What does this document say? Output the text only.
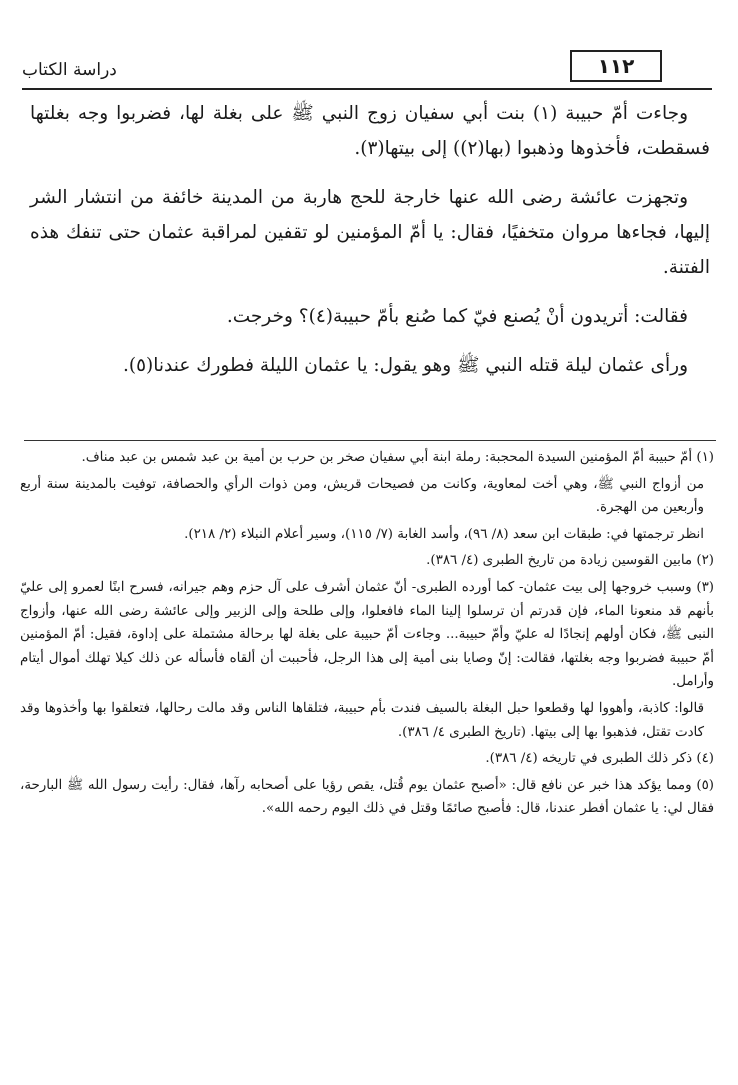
١١٢
دراسة الكتاب

وجاءت أمّ حبيبة (١) بنت أبي سفيان زوج النبي ﷺ على بغلة لها، فضربوا وجه بغلتها فسقطت، فأخذوها وذهبوا (بها(٢)) إلى بيتها(٣).

وتجهزت عائشة رضى الله عنها خارجة للحج هاربة من المدينة خائفة من انتشار الشر إليها، فجاءها مروان متخفيًا، فقال: يا أمّ المؤمنين لو تقفين لمراقبة عثمان حتى تنفك هذه الفتنة.

فقالت: أتريدون أنْ يُصنع فيّ كما صُنع بأمّ حبيبة(٤)؟ وخرجت.

ورأى عثمان ليلة قتله النبي ﷺ وهو يقول: يا عثمان الليلة فطورك عندنا(٥).

(١) أمّ حبيبة أمّ المؤمنين السيدة المحجبة: رملة ابنة أبي سفيان صخر بن حرب بن أمية بن عبد شمس بن عبد مناف.

من أزواج النبي ﷺ، وهي أخت لمعاوية، وكانت من فصيحات قريش، ومن ذوات الرأي والحصافة، توفيت بالمدينة سنة أربع وأربعين من الهجرة.

انظر ترجمتها في: طبقات ابن سعد (٨/ ٩٦)، وأسد الغابة (٧/ ١١٥)، وسير أعلام النبلاء (٢/ ٢١٨).

(٢) مابين القوسين زيادة من تاريخ الطبرى (٤/ ٣٨٦).

(٣) وسبب خروجها إلى بيت عثمان- كما أورده الطبرى- أنّ عثمان أشرف على آل حزم وهم جيرانه، فسرح ابنًا لعمرو إلى عليّ بأنهم قد منعونا الماء، فإن قدرتم أن ترسلوا إلينا الماء فافعلوا، وإلى طلحة وإلى الزبير وإلى عائشة رضى الله عنها، وأزواج النبى ﷺ، فكان أولهم إنجادًا له عليّ وأمّ حبيبة... وجاءت أمّ حبيبة على بغلة لها برحالة مشتملة على إداوة، فقيل: أمّ المؤمنين أمّ حبيبة فضربوا وجه بغلتها، فقالت: إنّ وصايا بنى أمية إلى هذا الرجل، فأحببت أن ألقاه فأسأله عن ذلك كيلا تهلك أموال أيتام وأرامل.

قالوا: كاذبة، وأهووا لها وقطعوا حبل البغلة بالسيف فندت بأم حبيبة، فتلقاها الناس وقد مالت رحالها، فتعلقوا بها وأخذوها وقد كادت تقتل، فذهبوا بها إلى بيتها. (تاريخ الطبرى ٤/ ٣٨٦).

(٤) ذكر ذلك الطبرى في تاريخه (٤/ ٣٨٦).

(٥) ومما يؤكد هذا خبر عن نافع قال: «أصبح عثمان يوم قُتل، يقص رؤيا على أصحابه رآها، فقال: رأيت رسول الله ﷺ البارحة، فقال لي: يا عثمان أفطر عندنا، قال: فأصبح صائمًا وقتل في ذلك اليوم رحمه الله».
